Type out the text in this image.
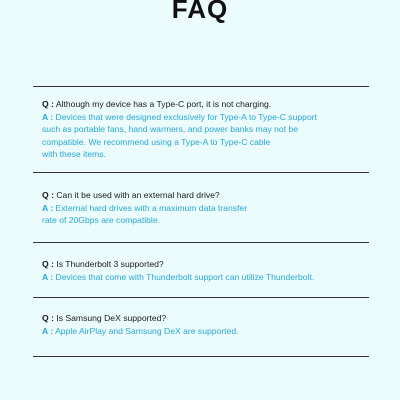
FAQ
Q : Although my device has a Type-C port, it is not charging.
A : Devices that were designed exclusively for Type-A to Type-C support
such as portable fans, hand warmers, and power banks may not be
compatible. We recommend using a Type-A to Type-C cable
with these items.
Q : Can it be used with an external hard drive?
A : External hard drives with a maximum data transfer
rate of 20Gbps are compatible.
Q : Is Thunderbolt 3 supported?
A : Devices that come with Thunderbolt support can utilize Thunderbolt.
Q : Is Samsung DeX supported?
A : Apple AirPlay and Samsung DeX are supported.
